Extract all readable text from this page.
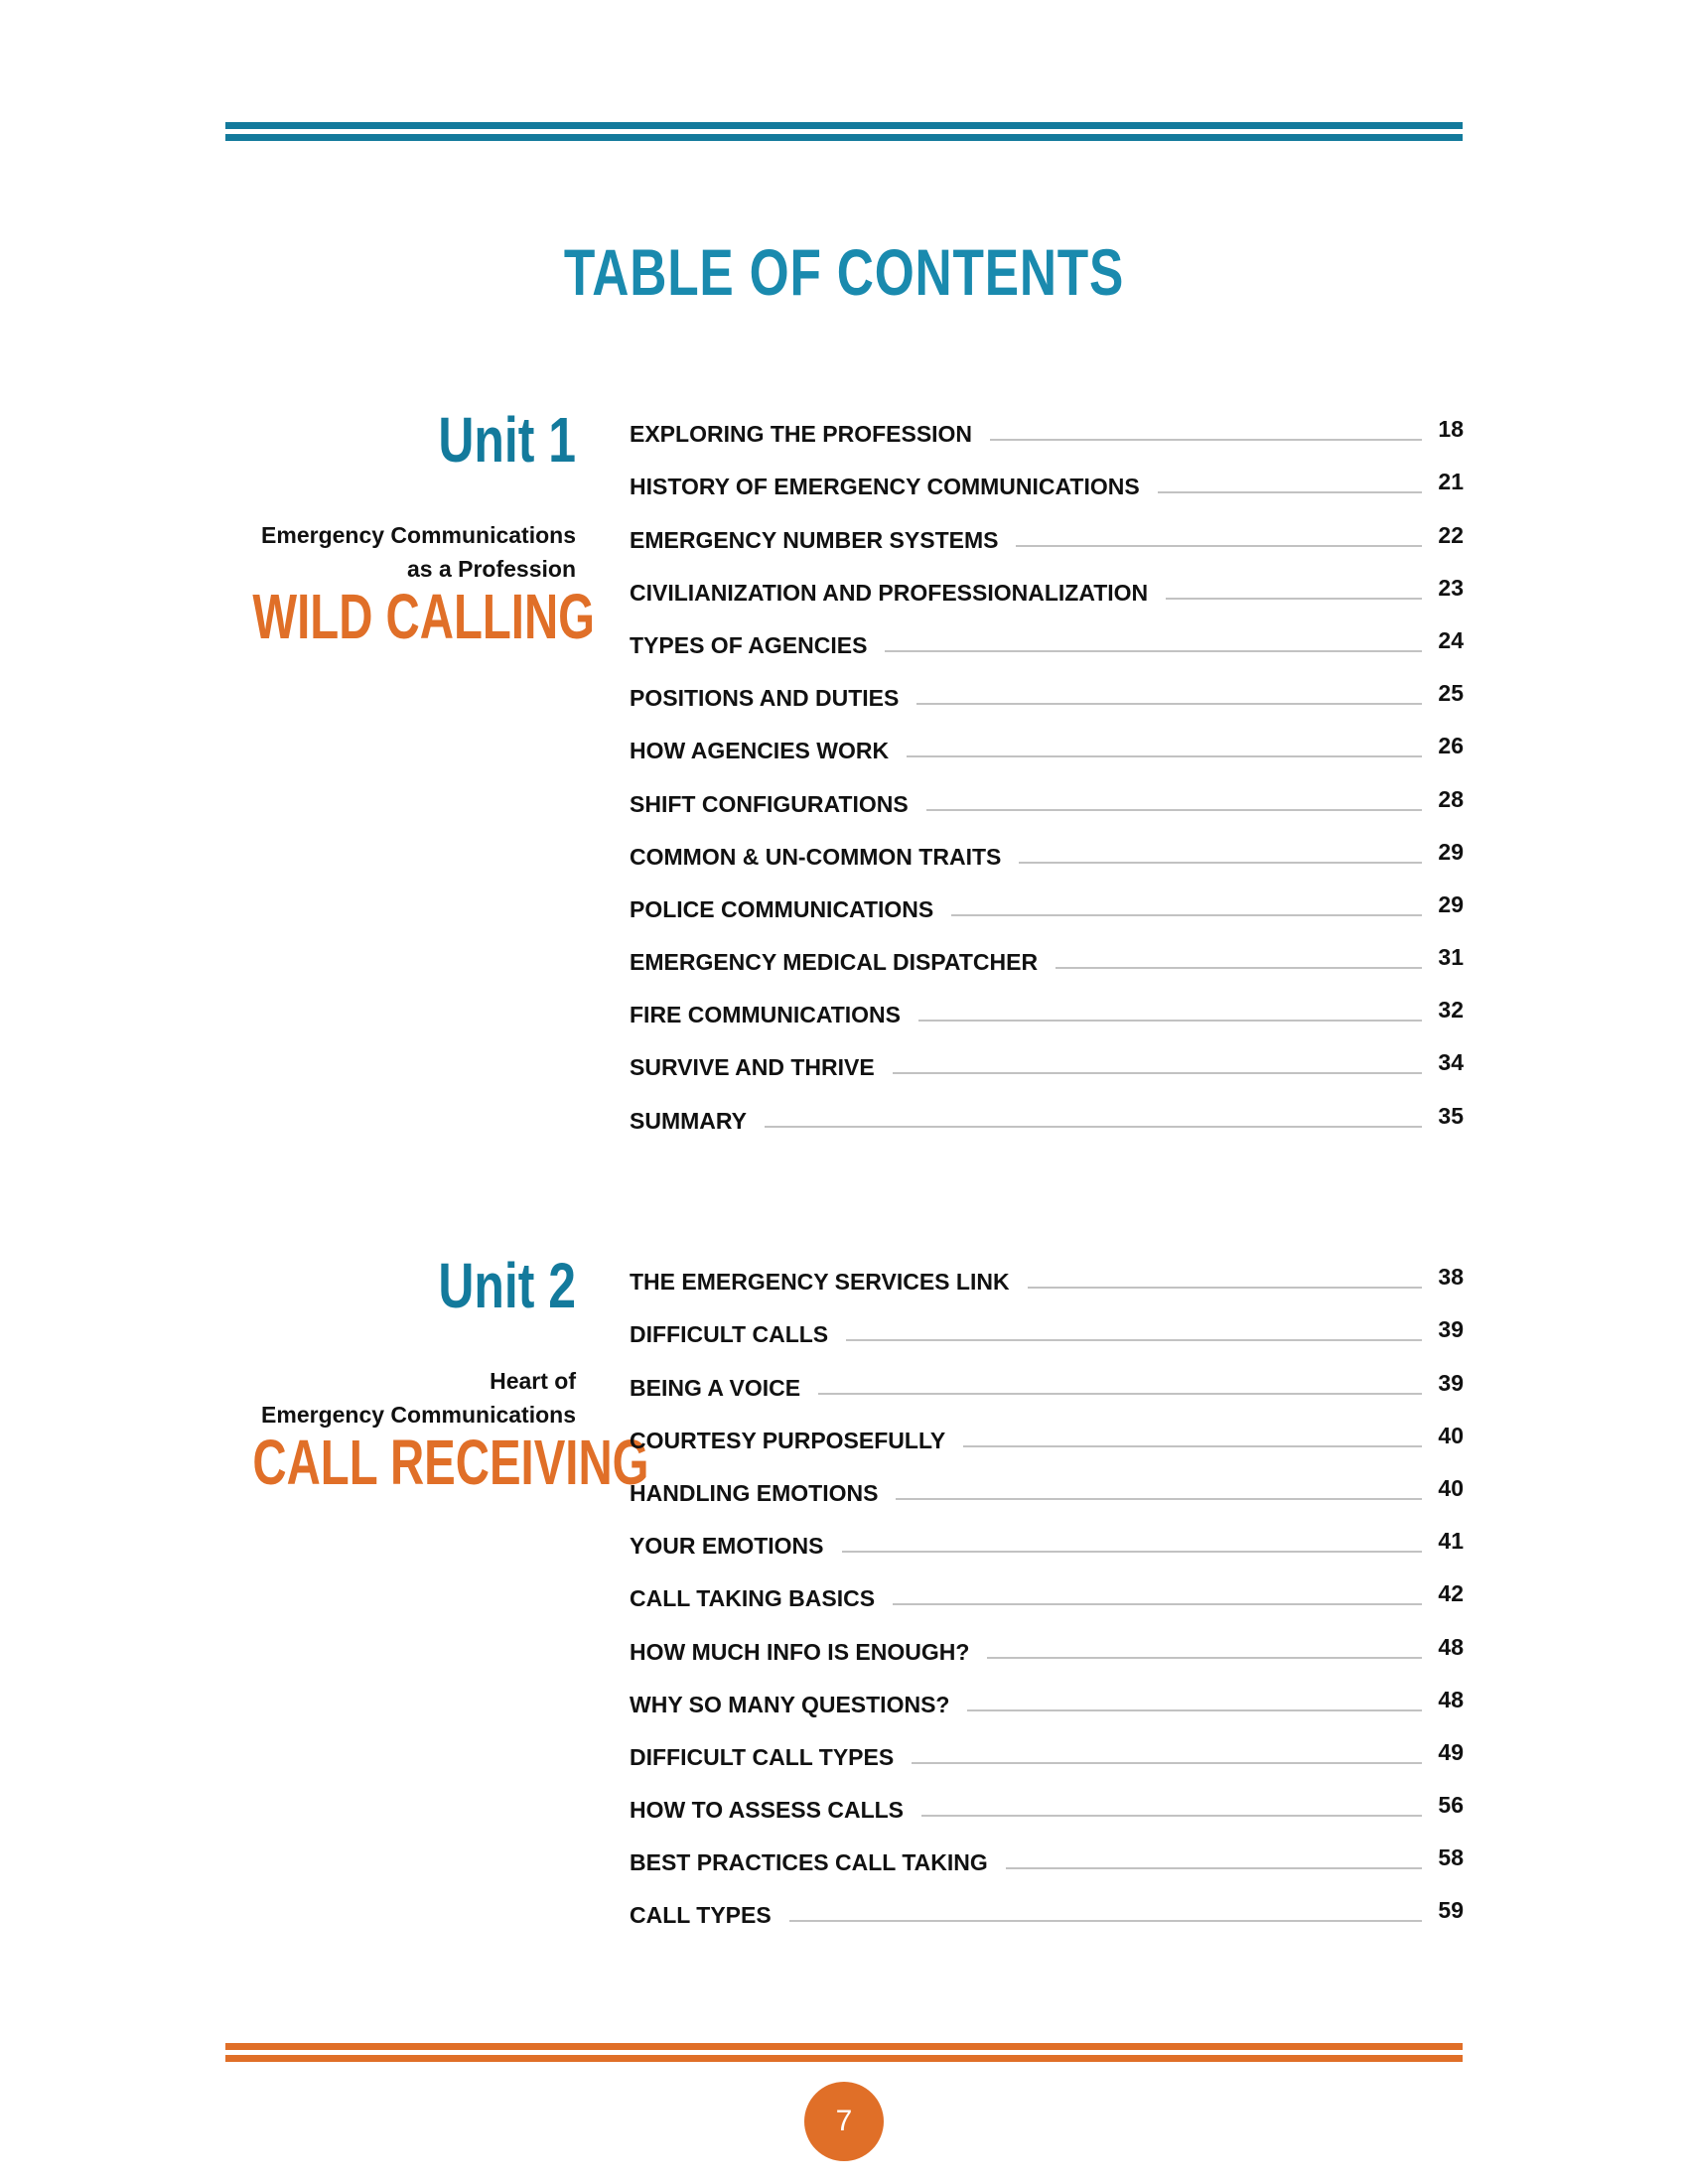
TABLE OF CONTENTS
Unit 1
Emergency Communications
as a Profession
WILD CALLING
EXPLORING THE PROFESSION	18
HISTORY OF EMERGENCY COMMUNICATIONS	21
EMERGENCY NUMBER SYSTEMS	22
CIVILIANIZATION AND PROFESSIONALIZATION	23
TYPES OF AGENCIES	24
POSITIONS AND DUTIES	25
HOW AGENCIES WORK	26
SHIFT CONFIGURATIONS	28
COMMON & UN-COMMON TRAITS	29
POLICE COMMUNICATIONS	29
EMERGENCY MEDICAL DISPATCHER	31
FIRE COMMUNICATIONS	32
SURVIVE AND THRIVE	34
SUMMARY	35
Unit 2
Heart of
Emergency Communications
CALL RECEIVING
THE EMERGENCY SERVICES LINK	38
DIFFICULT CALLS	39
BEING A VOICE	39
COURTESY PURPOSEFULLY	40
HANDLING EMOTIONS	40
YOUR EMOTIONS	41
CALL TAKING BASICS	42
HOW MUCH INFO IS ENOUGH?	48
WHY SO MANY QUESTIONS?	48
DIFFICULT CALL TYPES	49
HOW TO ASSESS CALLS	56
BEST PRACTICES CALL TAKING	58
CALL TYPES	59
7
